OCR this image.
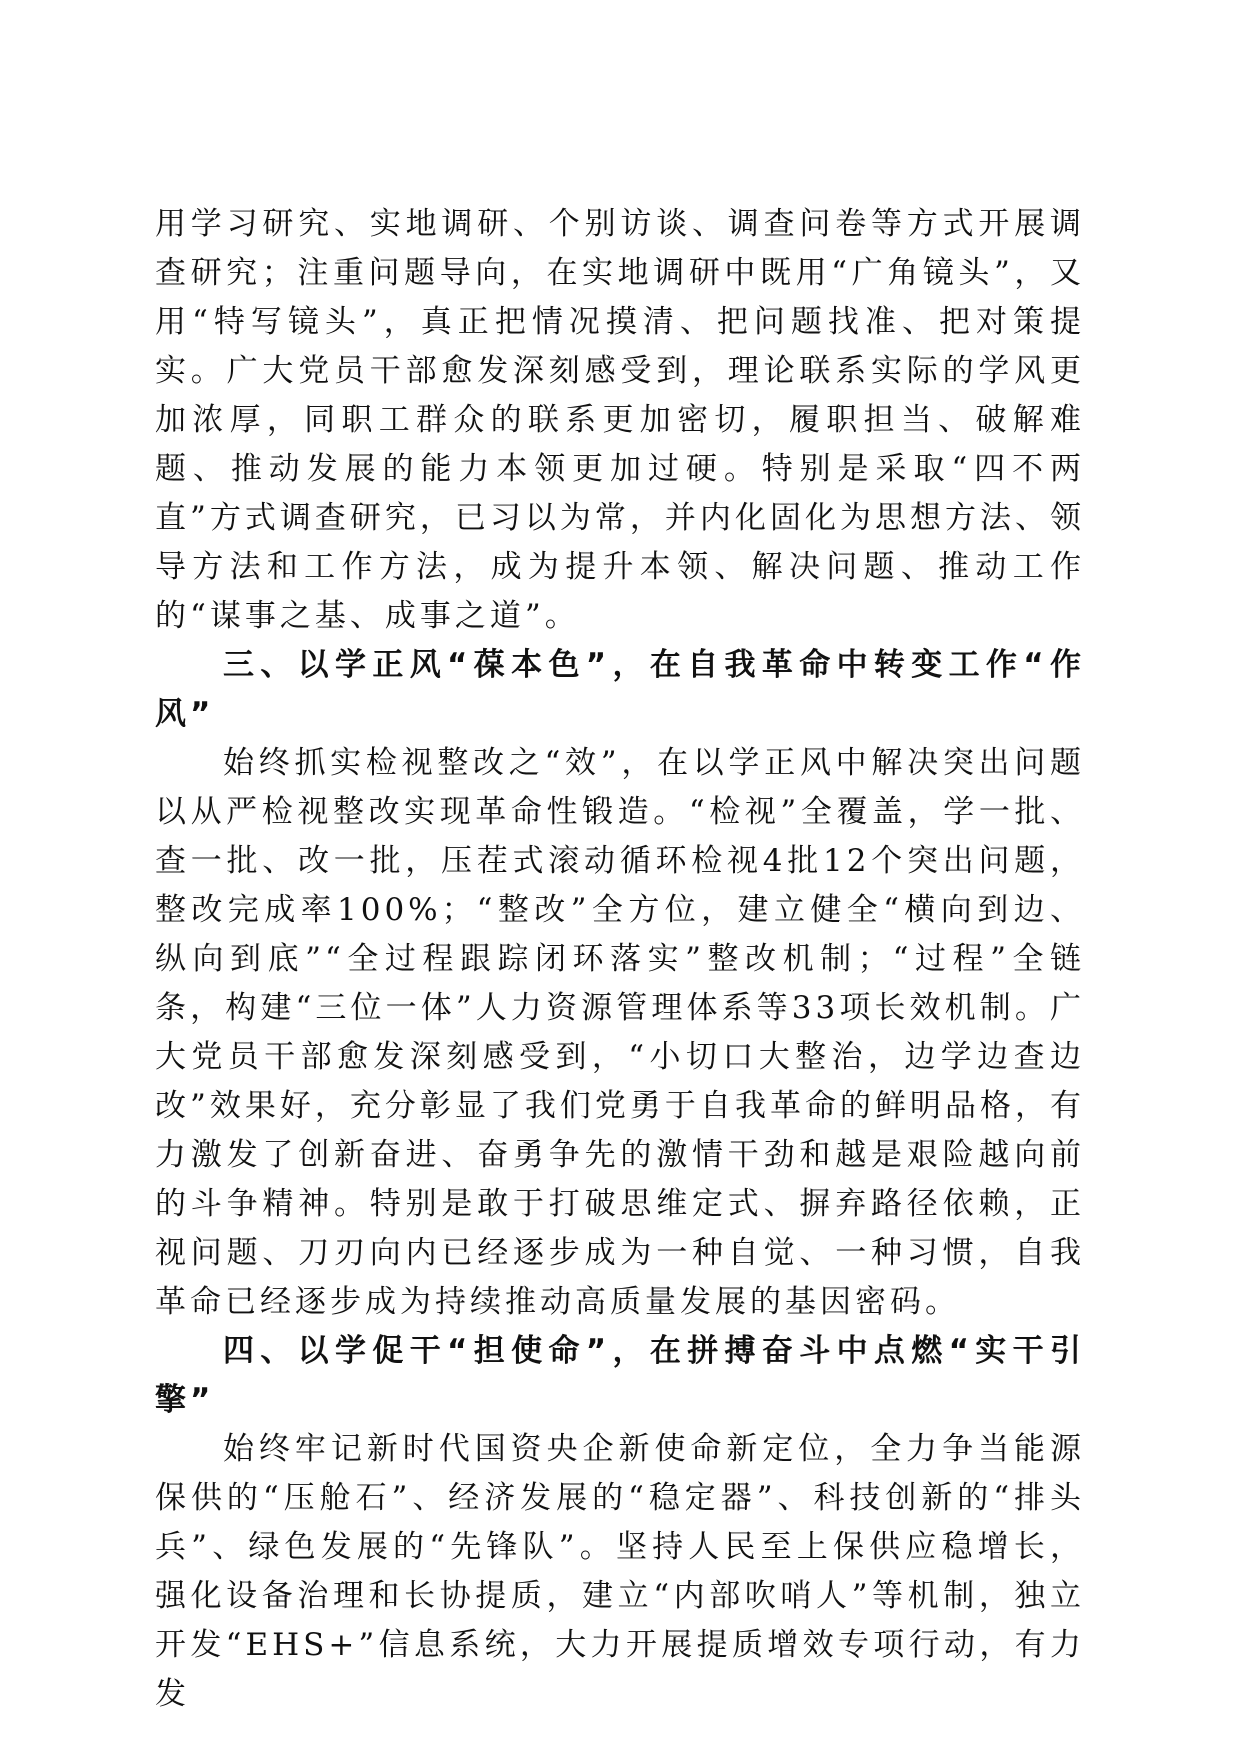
用学习研究、实地调研、个别访谈、调查问卷等方式开展调查研究；注重问题导向，在实地调研中既用“广角镜头”，又用“特写镜头”，真正把情况摸清、把问题找准、把对策提实。广大党员干部愈发深刻感受到，理论联系实际的学风更加浓厚，同职工群众的联系更加密切，履职担当、破解难题、推动发展的能力本领更加过硬。特别是采取“四不两直”方式调查研究，已习以为常，并内化固化为思想方法、领导方法和工作方法，成为提升本领、解决问题、推动工作的“谋事之基、成事之道”。

三、以学正风“葆本色”，在自我革命中转变工作“作风”

始终抓实检视整改之“效”，在以学正风中解决突出问题以从严检视整改实现革命性锻造。“检视”全覆盖，学一批、查一批、改一批，压茬式滚动循环检视4批12个突出问题，整改完成率100%；“整改”全方位，建立健全“横向到边、纵向到底”“全过程跟踪闭环落实”整改机制；“过程”全链条，构建“三位一体”人力资源管理体系等33项长效机制。广大党员干部愈发深刻感受到，“小切口大整治，边学边查边改”效果好，充分彰显了我们党勇于自我革命的鲜明品格，有力激发了创新奋进、奋勇争先的激情干劲和越是艰险越向前的斗争精神。特别是敢于打破思维定式、摒弃路径依赖，正视问题、刀刃向内已经逐步成为一种自觉、一种习惯，自我革命已经逐步成为持续推动高质量发展的基因密码。

四、以学促干“担使命”，在拼搏奋斗中点燃“实干引擎”

始终牢记新时代国资央企新使命新定位，全力争当能源保供的“压舱石”、经济发展的“稳定器”、科技创新的“排头兵”、绿色发展的“先锋队”。坚持人民至上保供应稳增长，强化设备治理和长协提质，建立“内部吹哨人”等机制，独立开发“EHS+”信息系统，大力开展提质增效专项行动，有力发
